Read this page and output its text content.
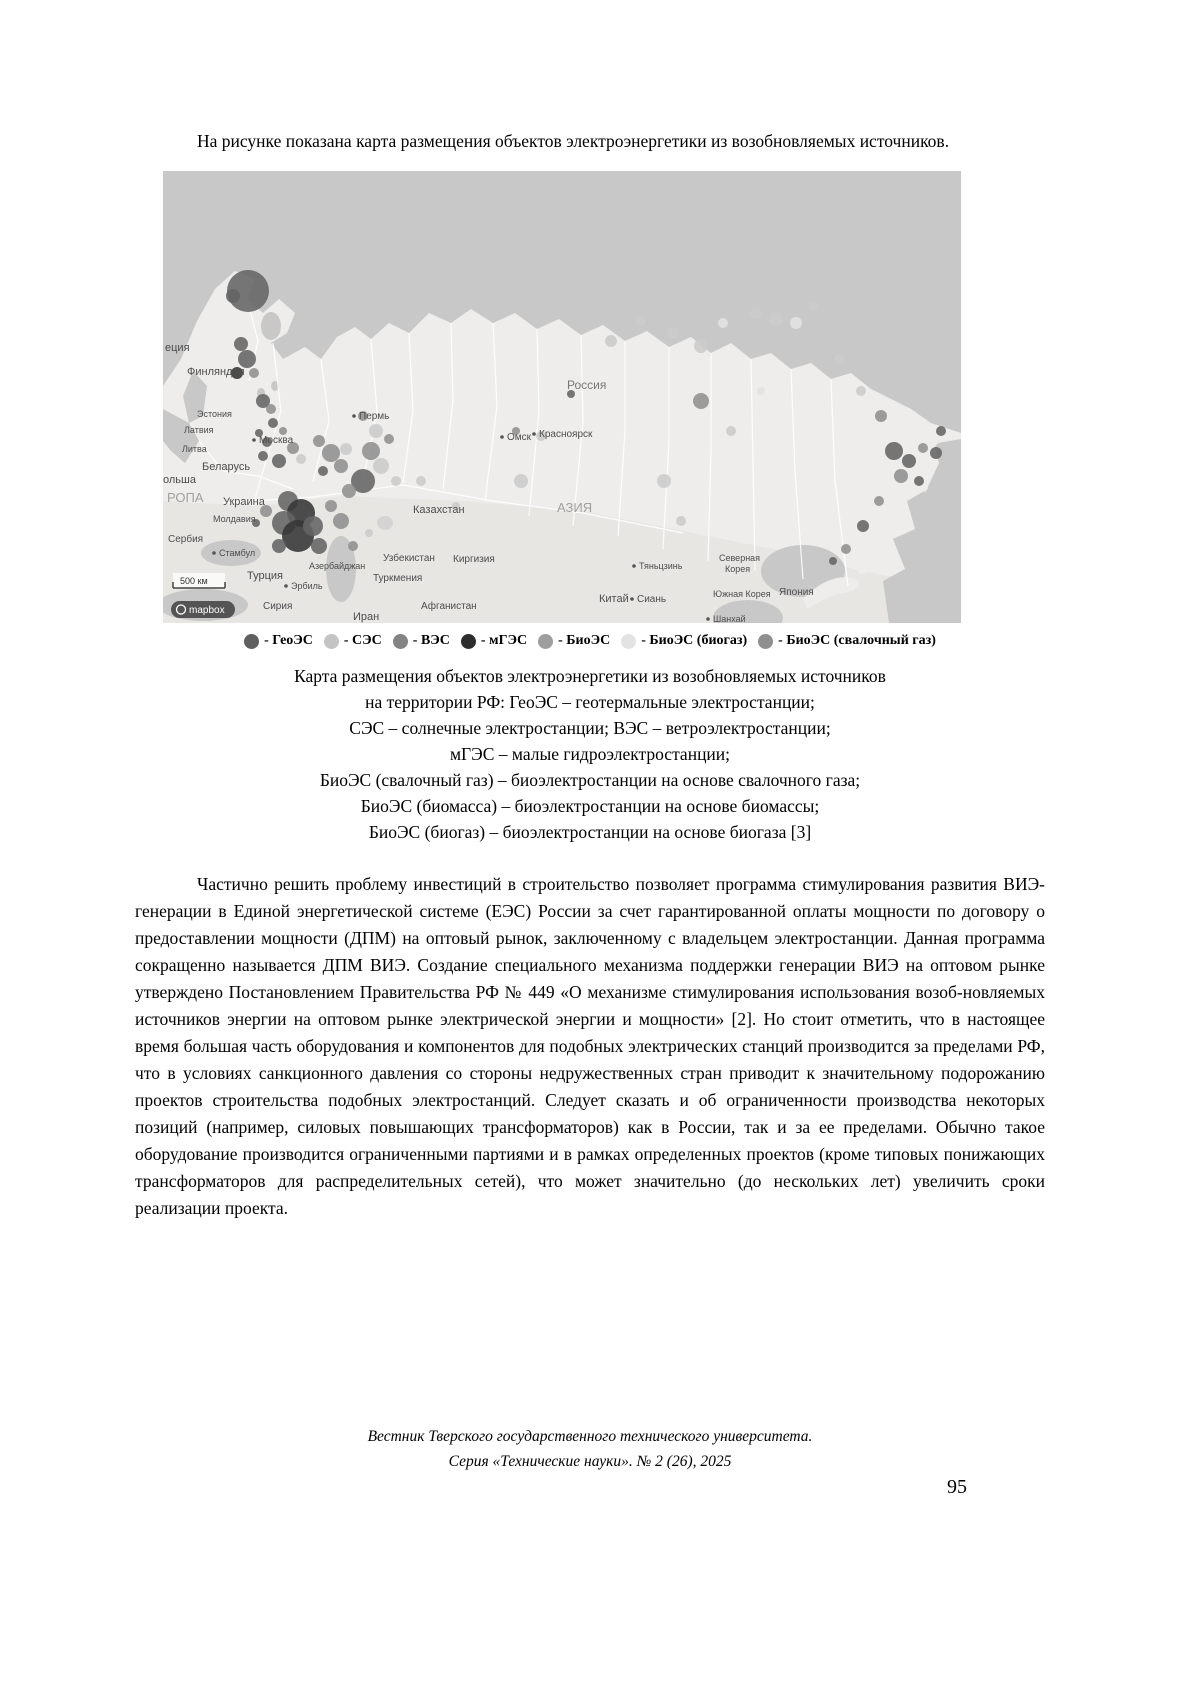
На рисунке показана карта размещения объектов электроэнергетики из возобновляемых источников.

еция
Финляндия
Эстония
Латвия
Литва
Беларусь
ольша
РОПА Украина
Молдавия
Сербия
Стамбул
Турция
Сирия
Эрбиль
Азербайджан
Иран
Туркмения
Узбекистан Киргизия
Казахстан
Афганистан
Москва
Пермь
Омск Красноярск
Россия
АЗИЯ
Тяньцзинь
Северная
Корея
Южная Корея Япония
Китай Сиань
Шанхай
500 км
mapbox
- ГеоЭС - СЭС - ВЭС - мГЭС - БиоЭС - БиоЭС (биогаз) - БиоЭС (свалочный газ)
Карта размещения объектов электроэнергетики из возобновляемых источников
на территории РФ: ГеоЭС – геотермальные электростанции;
СЭС – солнечные электростанции; ВЭС – ветроэлектростанции;
мГЭС – малые гидроэлектростанции;
БиоЭС (свалочный газ) – биоэлектростанции на основе свалочного газа;
БиоЭС (биомасса) – биоэлектростанции на основе биомассы;
БиоЭС (биогаз) – биоэлектростанции на основе биогаза [3]

Частично решить проблему инвестиций в строительство позволяет программа стимулирования развития ВИЭ-генерации в Единой энергетической системе (ЕЭС) России за счет гарантированной оплаты мощности по договору о предоставлении мощности (ДПМ) на оптовый рынок, заключенному с владельцем электростанции. Данная программа сокращенно называется ДПМ ВИЭ. Создание специального механизма поддержки генерации ВИЭ на оптовом рынке утверждено Постановлением Правительства РФ № 449 «О механизме стимулирования использования возоб-новляемых источников энергии на оптовом рынке электрической энергии и мощности» [2]. Но стоит отметить, что в настоящее время большая часть оборудования и компонентов для подобных электрических станций производится за пределами РФ, что в условиях санкционного давления со стороны недружественных стран приводит к значительному подорожанию проектов строительства подобных электростанций. Следует сказать и об ограниченности производства некоторых позиций (например, силовых повышающих трансформаторов) как в России, так и за ее пределами. Обычно такое оборудование производится ограниченными партиями и в рамках определенных проектов (кроме типовых понижающих трансформаторов для распределительных сетей), что может значительно (до нескольких лет) увеличить сроки реализации проекта.

Вестник Тверского государственного технического университета.
Серия «Технические науки». № 2 (26), 2025
95
